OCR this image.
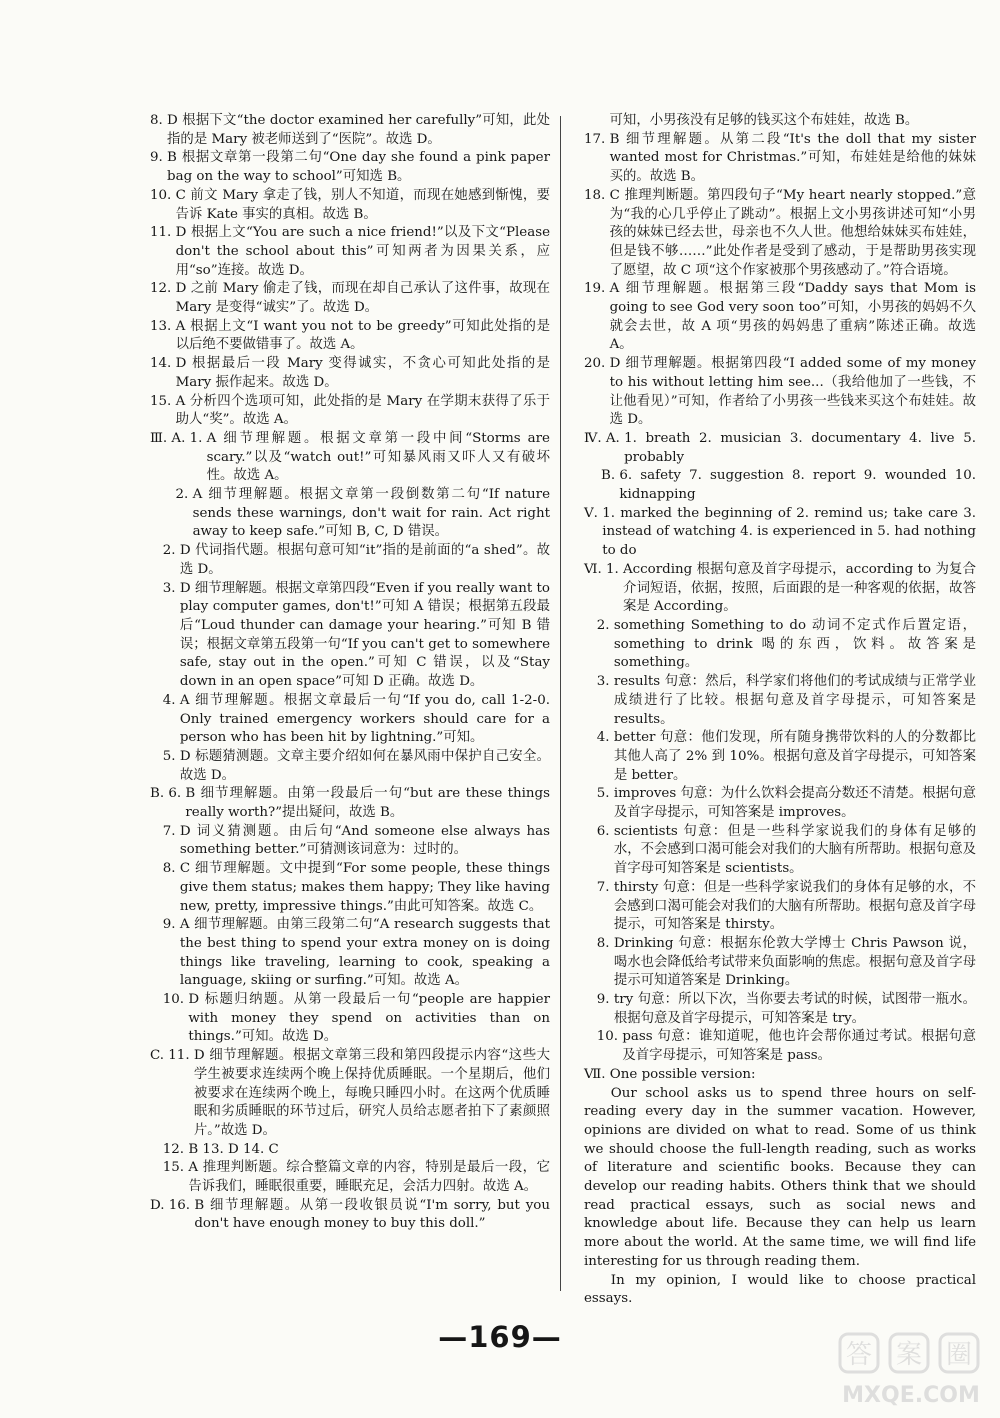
8. D 根据下文“the doctor examined her carefully”可知，此处指的是 Mary 被老师送到了“医院”。故选 D。

9. B 根据文章第一段第二句“One day she found a pink paper bag on the way to school”可知选 B。

10. C 前文 Mary 拿走了钱，别人不知道，而现在她感到惭愧，要告诉 Kate 事实的真相。故选 B。

11. D 根据上文“You are such a nice friend!”以及下文“Please don't the school about this”可知两者为因果关系，应用“so”连接。故选 D。

12. D 之前 Mary 偷走了钱，而现在却自己承认了这件事，故现在 Mary 是变得“诚实”了。故选 D。

13. A 根据上文“I want you not to be greedy”可知此处指的是以后绝不要做错事了。故选 A。

14. D 根据最后一段 Mary 变得诚实，不贪心可知此处指的是 Mary 振作起来。故选 D。

15. A 分析四个选项可知，此处指的是 Mary 在学期末获得了乐于助人“奖”。故选 A。

Ⅲ. A. 1. A 细节理解题。根据文章第一段中间“Storms are scary.”以及“watch out!”可知暴风雨又吓人又有破坏性。故选 A。

2. A 细节理解题。根据文章第一段倒数第二句“If nature sends these warnings, don't wait for rain. Act right away to keep safe.”可知 B, C, D 错误。

2. D 代词指代题。根据句意可知“it”指的是前面的“a shed”。故选 D。

3. D 细节理解题。根据文章第四段“Even if you really want to play computer games, don't!”可知 A 错误；根据第五段最后“Loud thunder can damage your hearing.”可知 B 错误；根据文章第五段第一句“If you can't get to somewhere safe, stay out in the open.”可知 C 错误，以及“Stay down in an open space”可知 D 正确。故选 D。

4. A 细节理解题。根据文章最后一句“If you do, call 1-2-0. Only trained emergency workers should care for a person who has been hit by lightning.”可知。

5. D 标题猜测题。文章主要介绍如何在暴风雨中保护自己安全。故选 D。

B. 6. B 细节理解题。由第一段最后一句“but are these things really worth?”提出疑问，故选 B。

7. D 词义猜测题。由后句“And someone else always has something better.”可猜测该词意为：过时的。

8. C 细节理解题。文中提到“For some people, these things give them status; makes them happy; They like having new, pretty, impressive things.”由此可知答案。故选 C。

9. A 细节理解题。由第三段第二句“A research suggests that the best thing to spend your extra money on is doing things like traveling, learning to cook, speaking a language, skiing or surfing.”可知。故选 A。

10. D 标题归纳题。从第一段最后一句“people are happier with money they spend on activities than on things.”可知。故选 D。

C. 11. D 细节理解题。根据文章第三段和第四段提示内容“这些大学生被要求连续两个晚上保持优质睡眠。一个星期后，他们被要求在连续两个晚上，每晚只睡四小时。在这两个优质睡眠和劣质睡眠的环节过后，研究人员给志愿者拍下了素颜照片。”故选 D。

12. B 13. D 14. C

15. A 推理判断题。综合整篇文章的内容，特别是最后一段，它告诉我们，睡眠很重要，睡眠充足，会活力四射。故选 A。

D. 16. B 细节理解题。从第一段收银员说“I'm sorry, but you don't have enough money to buy this doll.”

可知，小男孩没有足够的钱买这个布娃娃，故选 B。

17. B 细节理解题。从第二段“It's the doll that my sister wanted most for Christmas.”可知，布娃娃是给他的妹妹买的。故选 B。

18. C 推理判断题。第四段句子“My heart nearly stopped.”意为“我的心几乎停止了跳动”。根据上文小男孩讲述可知“小男孩的妹妹已经去世，母亲也不久人世。他想给妹妹买布娃娃，但是钱不够……”此处作者是受到了感动，于是帮助男孩实现了愿望，故 C 项“这个作家被那个男孩感动了。”符合语境。

19. A 细节理解题。根据第三段“Daddy says that Mom is going to see God very soon too”可知，小男孩的妈妈不久就会去世，故 A 项“男孩的妈妈患了重病”陈述正确。故选 A。

20. D 细节理解题。根据第四段“I added some of my money to his without letting him see...（我给他加了一些钱，不让他看见）”可知，作者给了小男孩一些钱来买这个布娃娃。故选 D。

Ⅳ. A. 1. breath 2. musician 3. documentary 4. live 5. probably

B. 6. safety 7. suggestion 8. report 9. wounded 10. kidnapping

Ⅴ. 1. marked the beginning of 2. remind us; take care 3. instead of watching 4. is experienced in 5. had nothing to do

Ⅵ. 1. According 根据句意及首字母提示，according to 为复合介词短语，依据，按照，后面跟的是一种客观的依据，故答案是 According。

2. something Something to do 动词不定式作后置定语，something to drink 喝的东西，饮料。故答案是 something。

3. results 句意：然后，科学家们将他们的考试成绩与正常学业成绩进行了比较。根据句意及首字母提示，可知答案是 results。

4. better 句意：他们发现，所有随身携带饮料的人的分数都比其他人高了 2% 到 10%。根据句意及首字母提示，可知答案是 better。

5. improves 句意：为什么饮料会提高分数还不清楚。根据句意及首字母提示，可知答案是 improves。

6. scientists 句意：但是一些科学家说我们的身体有足够的水，不会感到口渴可能会对我们的大脑有所帮助。根据句意及首字母可知答案是 scientists。

7. thirsty 句意：但是一些科学家说我们的身体有足够的水，不会感到口渴可能会对我们的大脑有所帮助。根据句意及首字母提示，可知答案是 thirsty。

8. Drinking 句意：根据东伦敦大学博士 Chris Pawson 说，喝水也会降低给考试带来负面影响的焦虑。根据句意及首字母提示可知道答案是 Drinking。

9. try 句意：所以下次，当你要去考试的时候，试图带一瓶水。根据句意及首字母提示，可知答案是 try。

10. pass 句意：谁知道呢，他也许会帮你通过考试。根据句意及首字母提示，可知答案是 pass。

Ⅶ. One possible version:

Our school asks us to spend three hours on self-reading every day in the summer vacation. However, opinions are divided on what to read. Some of us think we should choose the full-length reading, such as works of literature and scientific books. Because they can develop our reading habits. Others think that we should read practical essays, such as social news and knowledge about life. Because they can help us learn more about the world. At the same time, we will find life interesting for us through reading them.

In my opinion, I would like to choose practical essays.

—169—
答 案 圈
MXQE.COM
